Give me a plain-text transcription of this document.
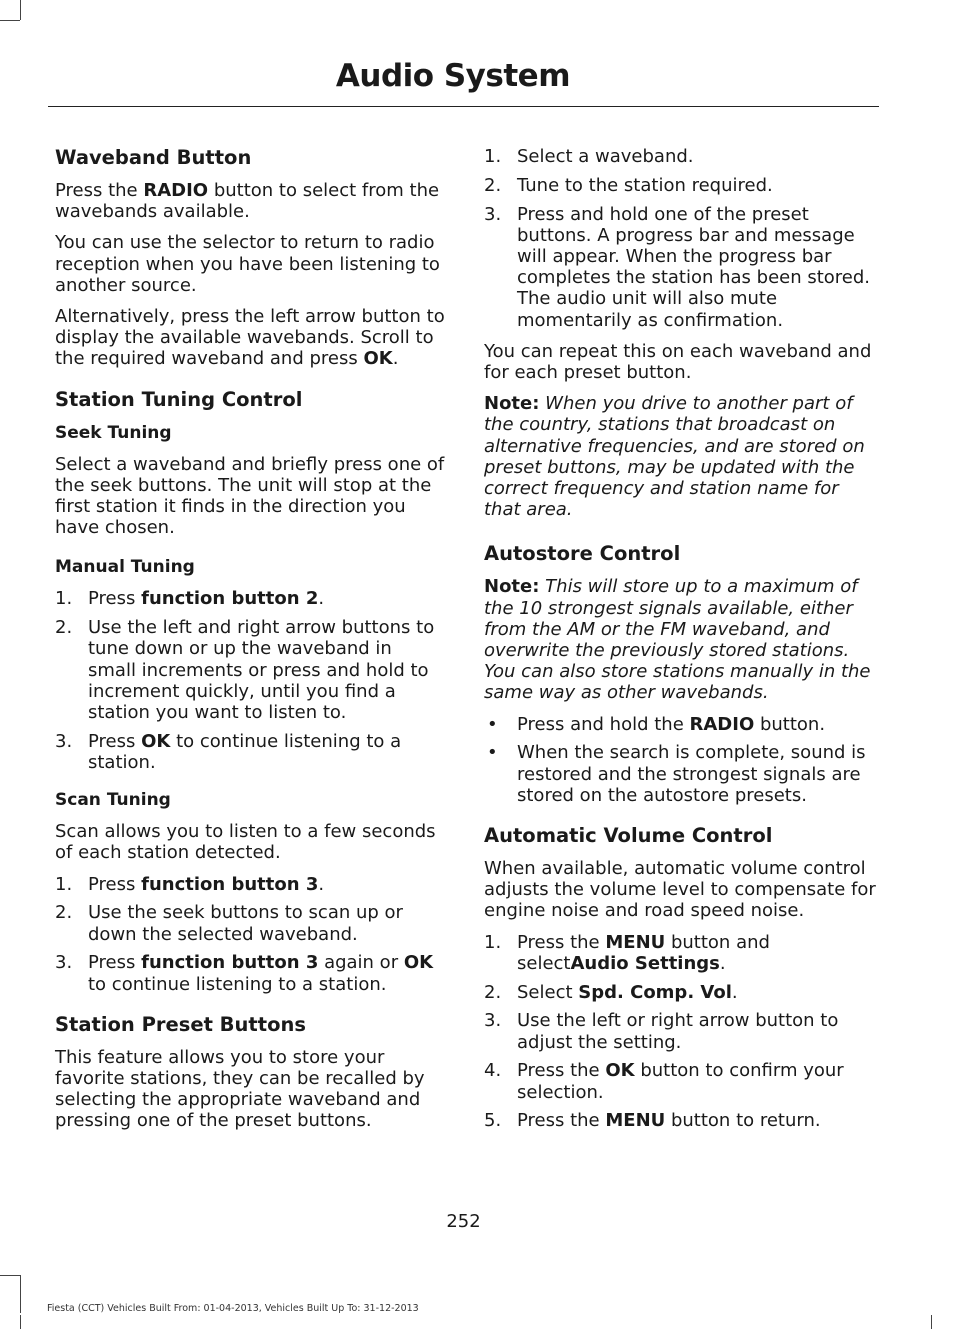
Audio System
Waveband Button

Press the RADIO button to select from the wavebands available.

You can use the selector to return to radio reception when you have been listening to another source.

Alternatively, press the left arrow button to display the available wavebands. Scroll to the required waveband and press OK.

Station Tuning Control
Seek Tuning

Select a waveband and briefly press one of the seek buttons. The unit will stop at the first station it finds in the direction you have chosen.

Manual Tuning
1. Press function button 2.
2. Use the left and right arrow buttons to tune down or up the waveband in small increments or press and hold to increment quickly, until you find a station you want to listen to.
3. Press OK to continue listening to a station.
Scan Tuning

Scan allows you to listen to a few seconds of each station detected.

1. Press function button 3.
2. Use the seek buttons to scan up or down the selected waveband.
3. Press function button 3 again or OK to continue listening to a station.
Station Preset Buttons

This feature allows you to store your favorite stations, they can be recalled by selecting the appropriate waveband and pressing one of the preset buttons.

1. Select a waveband.
2. Tune to the station required.
3. Press and hold one of the preset buttons. A progress bar and message will appear. When the progress bar completes the station has been stored. The audio unit will also mute momentarily as confirmation.

You can repeat this on each waveband and for each preset button.

Note: When you drive to another part of the country, stations that broadcast on alternative frequencies, and are stored on preset buttons, may be updated with the correct frequency and station name for that area.

Autostore Control

Note: This will store up to a maximum of the 10 strongest signals available, either from the AM or the FM waveband, and overwrite the previously stored stations. You can also store stations manually in the same way as other wavebands.

• Press and hold the RADIO button.
• When the search is complete, sound is restored and the strongest signals are stored on the autostore presets.
Automatic Volume Control

When available, automatic volume control adjusts the volume level to compensate for engine noise and road speed noise.

1. Press the MENU button and selectAudio Settings.
2. Select Spd. Comp. Vol.
3. Use the left or right arrow button to adjust the setting.
4. Press the OK button to confirm your selection.
5. Press the MENU button to return.
252
Fiesta (CCT) Vehicles Built From: 01-04-2013, Vehicles Built Up To: 31-12-2013
